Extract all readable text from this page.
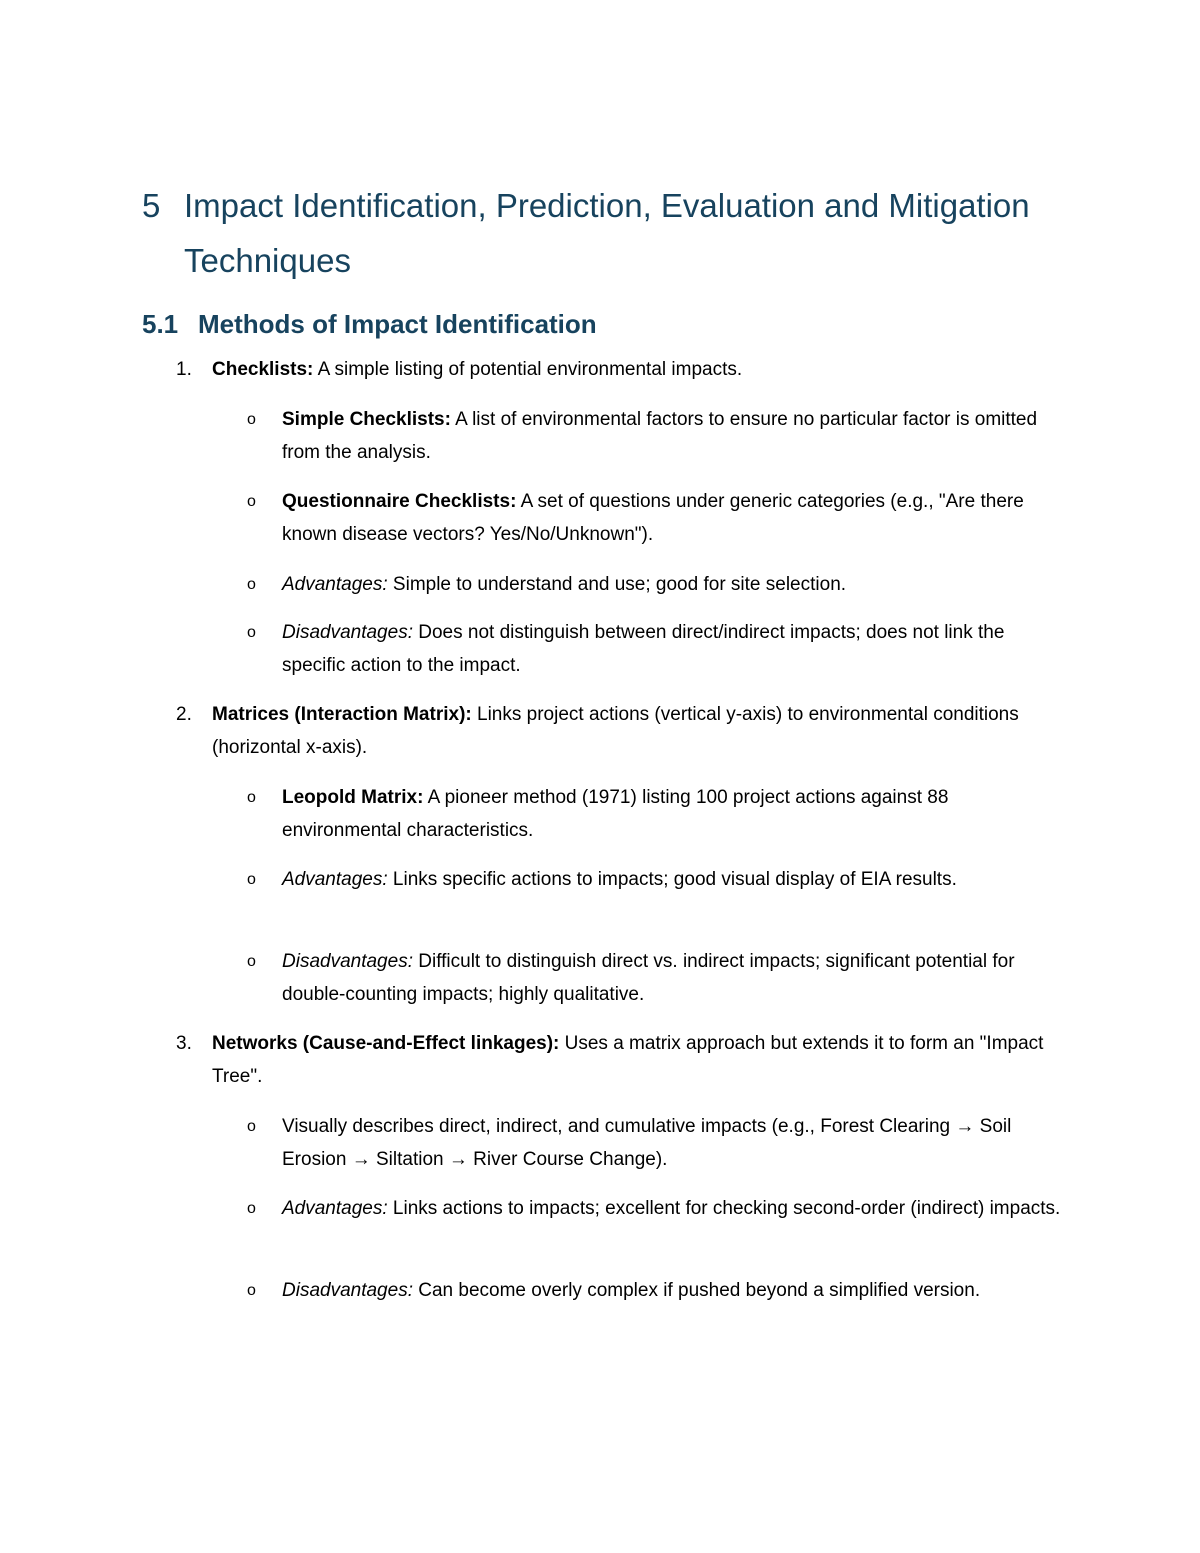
5 Impact Identification, Prediction, Evaluation and Mitigation Techniques
5.1 Methods of Impact Identification
1. Checklists: A simple listing of potential environmental impacts.
o Simple Checklists: A list of environmental factors to ensure no particular factor is omitted from the analysis.
o Questionnaire Checklists: A set of questions under generic categories (e.g., "Are there known disease vectors? Yes/No/Unknown").
o Advantages: Simple to understand and use; good for site selection.
o Disadvantages: Does not distinguish between direct/indirect impacts; does not link the specific action to the impact.
2. Matrices (Interaction Matrix): Links project actions (vertical y-axis) to environmental conditions (horizontal x-axis).
o Leopold Matrix: A pioneer method (1971) listing 100 project actions against 88 environmental characteristics.
o Advantages: Links specific actions to impacts; good visual display of EIA results.
o Disadvantages: Difficult to distinguish direct vs. indirect impacts; significant potential for double-counting impacts; highly qualitative.
3. Networks (Cause-and-Effect linkages): Uses a matrix approach but extends it to form an "Impact Tree".
o Visually describes direct, indirect, and cumulative impacts (e.g., Forest Clearing → Soil Erosion → Siltation → River Course Change).
o Advantages: Links actions to impacts; excellent for checking second-order (indirect) impacts.
o Disadvantages: Can become overly complex if pushed beyond a simplified version.
